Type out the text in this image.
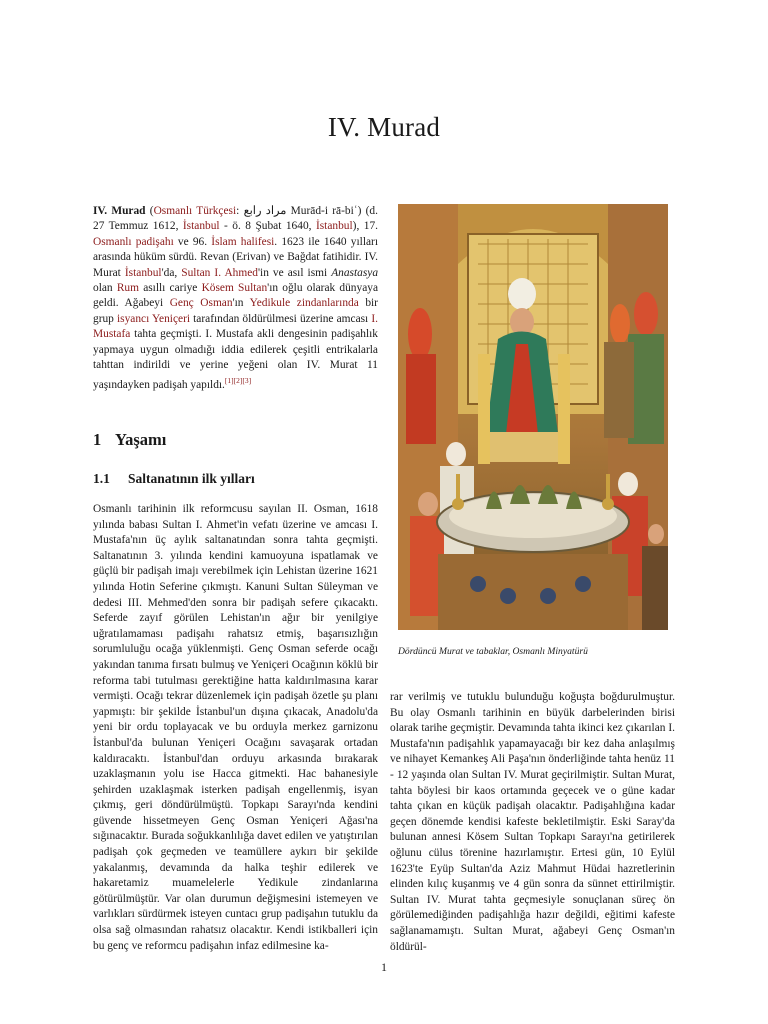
IV. Murad
IV. Murad (Osmanlı Türkçesi: مراد رابع Murād-i rā-biʿ) (d. 27 Temmuz 1612, İstanbul - ö. 8 Şubat 1640, İstanbul), 17. Osmanlı padişahı ve 96. İslam halifesi. 1623 ile 1640 yılları arasında hüküm sürdü. Revan (Erivan) ve Bağdat fatihidir. IV. Murat İstanbul'da, Sultan I. Ahmed'in ve asıl ismi Anastasya olan Rum asıllı cariye Kösem Sultan'ın oğlu olarak dünyaya geldi. Ağabeyi Genç Osman'ın Yedikule zindanlarında bir grup isyancı Yeniçeri tarafından öldürülmesi üzerine amcası I. Mustafa tahta geçmişti. I. Mustafa akli dengesinin padişahlık yapmaya uygun olmadığı iddia edilerek çeşitli entrikalarla tahttan indirildi ve yerine yeğeni olan IV. Murat 11 yaşındayken padişah yapıldı.[1][2][3]
1 Yaşamı
1.1 Saltanatının ilk yılları
Osmanlı tarihinin ilk reformcusu sayılan II. Osman, 1618 yılında babası Sultan I. Ahmet'in vefatı üzerine ve amcası I. Mustafa'nın üç aylık saltanatından sonra tahta geçmişti. Saltanatının 3. yılında kendini kamuoyuna ispatlamak ve güçlü bir padişah imajı verebilmek için Lehistan üzerine 1621 yılında Hotin Seferine çıkmıştı. Kanuni Sultan Süleyman ve dedesi III. Mehmed'den sonra bir padişah sefere çıkacaktı. Seferde zayıf görülen Lehistan'ın ağır bir yenilgiye uğratılamaması padişahı rahatsız etmiş, başarısızlığın sorumluluğu ocağa yüklenmişti. Genç Osman seferde ocağı yakından tanıma fırsatı bulmuş ve Yeniçeri Ocağının köklü bir reforma tabi tutulması gerektiğine hatta kaldırılmasına karar vermişti. Ocağı tekrar düzenlemek için padişah özetle şu planı yapmıştı: bir şekilde İstanbul'un dışına çıkacak, Anadolu'da yeni bir ordu toplayacak ve bu orduyla merkez garnizonu İstanbul'da bulunan Yeniçeri Ocağını savaşarak ortadan kaldıracaktı. İstanbul'dan orduyu arkasında bırakarak uzaklaşmanın yolu ise Hacca gitmekti. Hac bahanesiyle şehirden uzaklaşmak isterken padişah engellenmiş, isyan çıkmış, geri döndürülmüştü. Topkapı Sarayı'nda kendini güvende hissetmeyen Genç Osman Yeniçeri Ağası'na sığınacaktır. Burada soğukkanlılığa davet edilen ve yatıştırılan padişah çok geçmeden ve teamüllere aykırı bir şekilde yakalanmış, devamında da halka teşhir edilerek ve hakaretamiz muamelelerle Yedikule zindanlarına götürülmüştür. Var olan durumun değişmesini istemeyen ve varlıkları sürdürmek isteyen cuntacı grup padişahın tutuklu da olsa sağ olmasından rahatsız olacaktır. Kendi istikballeri için bu genç ve reformcu padişahın infaz edilmesine ka-
rar verilmiş ve tutuklu bulunduğu koğuşta boğdurulmuştur. Bu olay Osmanlı tarihinin en büyük darbelerinden birisi olarak tarihe geçmiştir. Devamında tahta ikinci kez çıkarılan I. Mustafa'nın padişahlık yapamayacağı bir kez daha anlaşılmış ve nihayet Kemankeş Ali Paşa'nın önderliğinde tahta henüz 11 - 12 yaşında olan Sultan IV. Murat geçirilmiştir. Sultan Murat, tahta böylesi bir kaos ortamında geçecek ve o güne kadar tahta çıkan en küçük padişah olacaktır. Padişahlığına kadar geçen dönemde kendisi kafeste bekletilmiştir. Eski Saray'da bulunan annesi Kösem Sultan Topkapı Sarayı'na getirilerek oğlunu cülus törenine hazırlamıştır. Ertesi gün, 10 Eylül 1623'te Eyüp Sultan'da Aziz Mahmut Hüdai hazretlerinin elinden kılıç kuşanmış ve 4 gün sonra da sünnet ettirilmiştir. Sultan IV. Murat tahta geçmesiyle sonuçlanan süreç ön görülemediğinden padişahlığa hazır değildi, eğitimi kafeste sağlanamamıştı. Sultan Murat, ağabeyi Genç Osman'ın öldürül-
Dördüncü Murat ve tabaklar, Osmanlı Minyatürü
1
